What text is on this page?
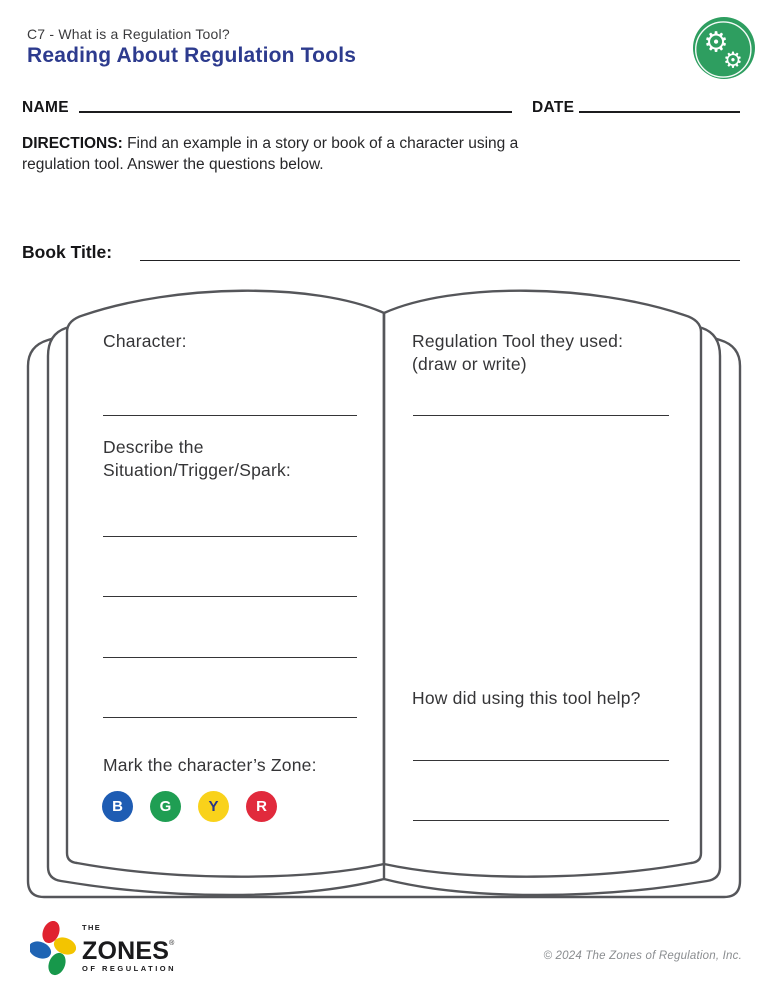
C7 - What is a Regulation Tool?
Reading About Regulation Tools	⚙
⚙
NAME	DATE
DIRECTIONS: Find an example in a story or book of a character using a
regulation tool. Answer the questions below.
Book Title:
Character:
Describe the
Situation/Trigger/Spark:
Mark the character’s Zone:
B G Y	R
Regulation Tool they used:
(draw or write)
How did using this tool help?
THE
ZONES®
OF REGULATION
© 2024 The Zones of Regulation, Inc.
